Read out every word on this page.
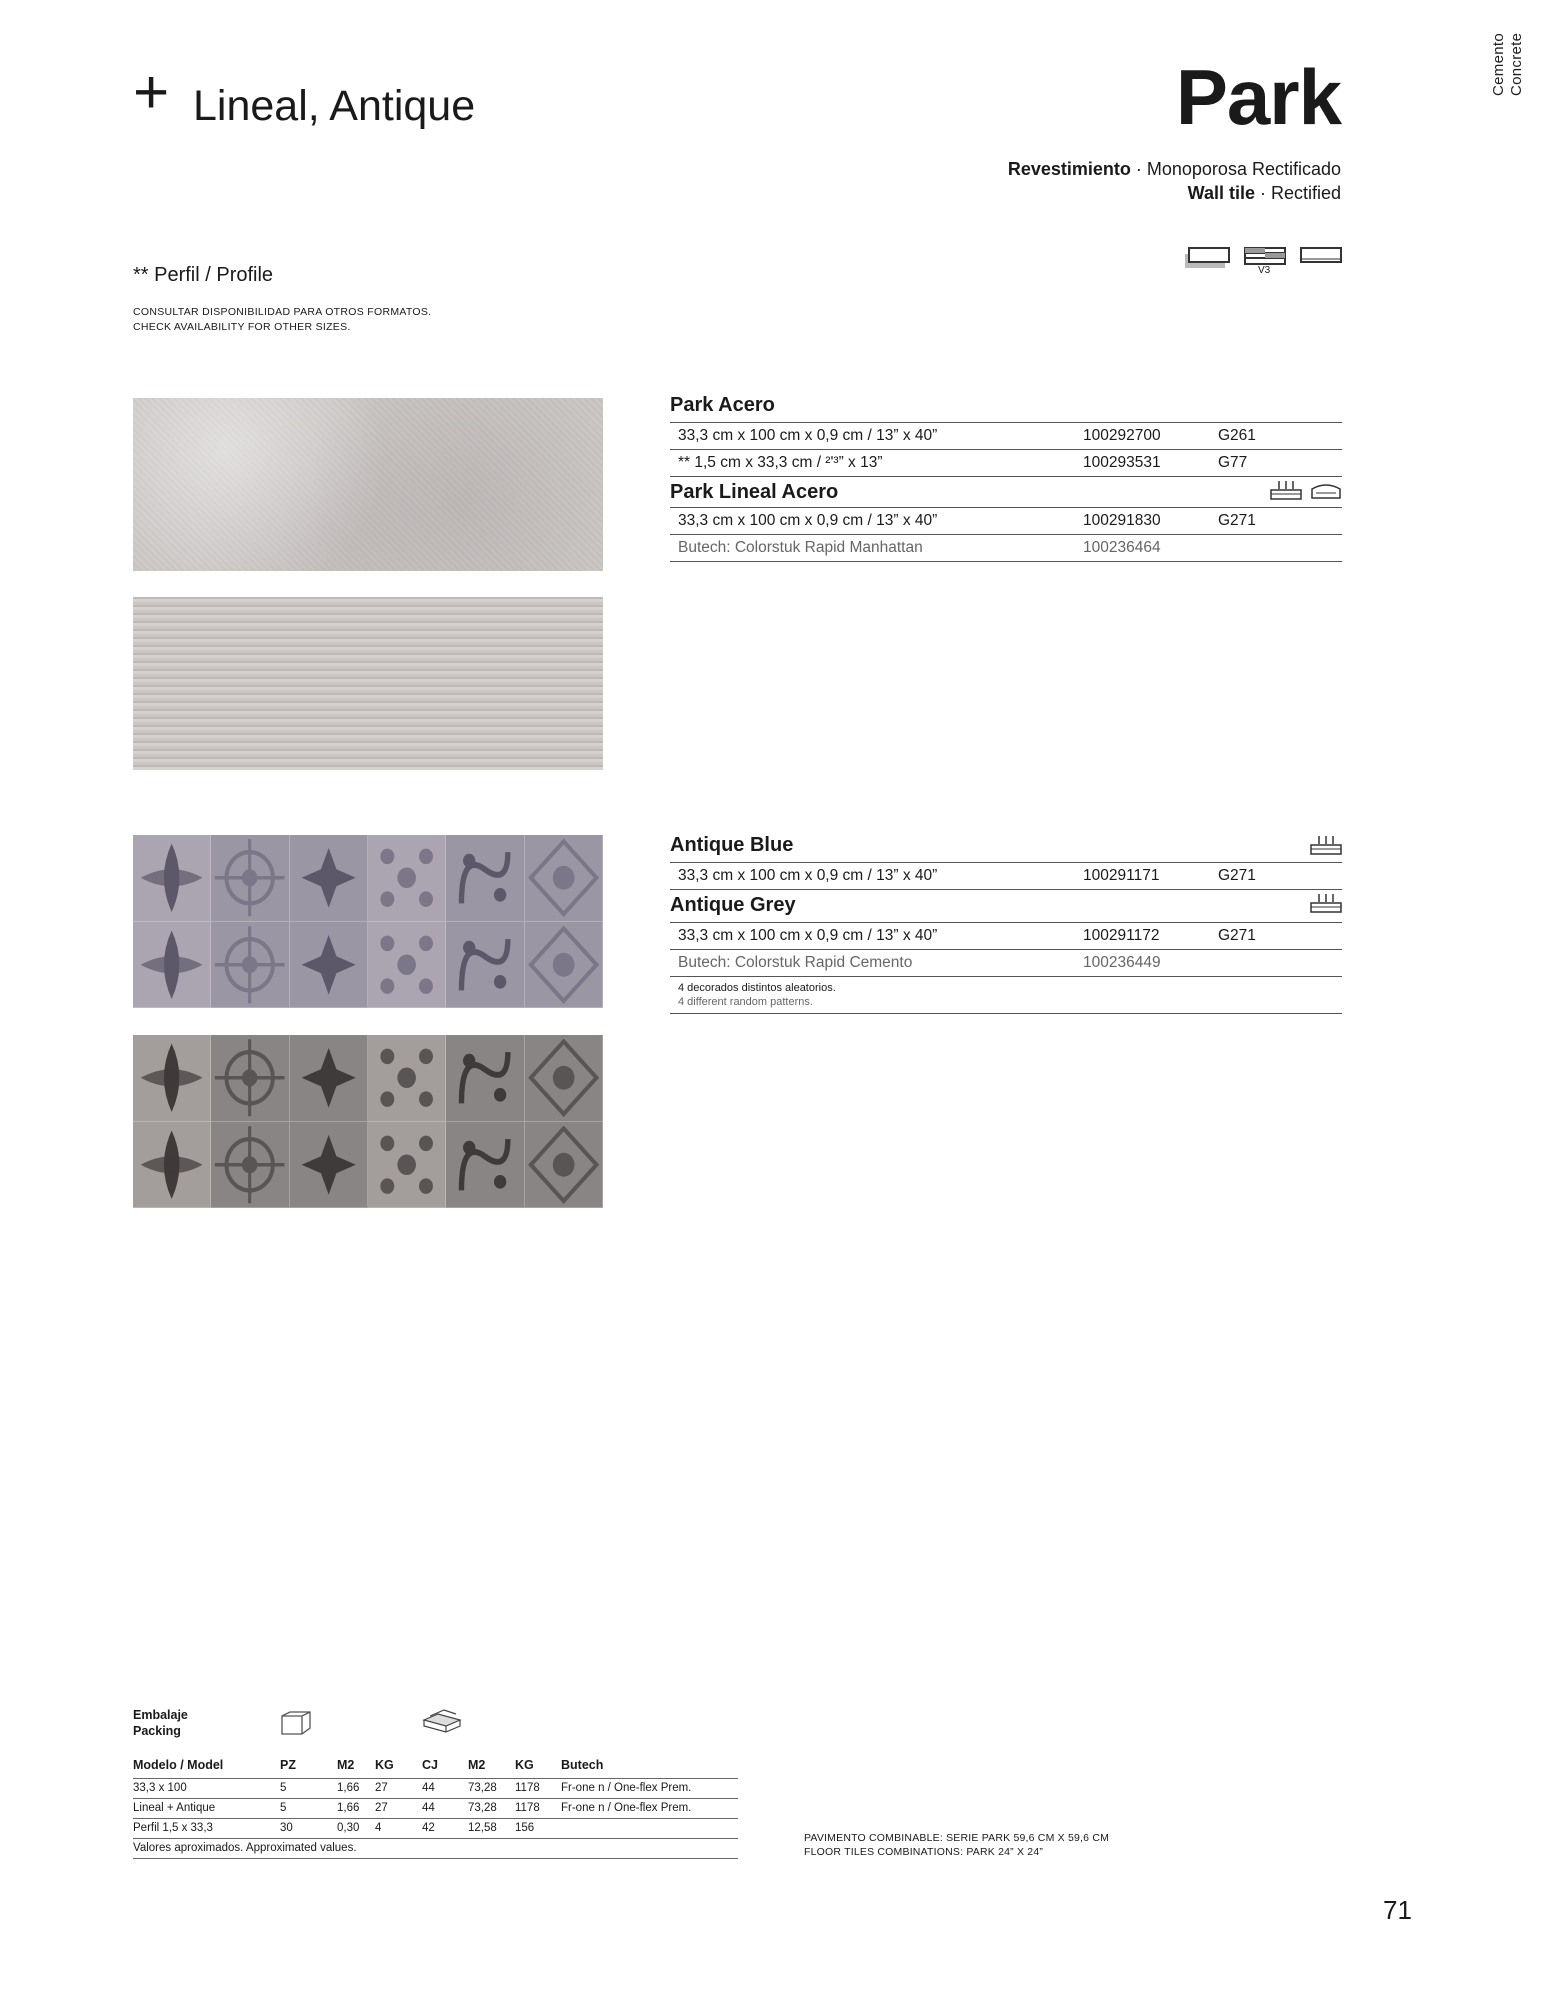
Cemento Concrete
+ Lineal, Antique	Park
Revestimiento · Monoporosa Rectificado
Wall tile · Rectified
V3
** Perfil / Profile
CONSULTAR DISPONIBILIDAD PARA OTROS FORMATOS.
CHECK AVAILABILITY FOR OTHER SIZES.
Park Acero
33,3 cm x 100 cm x 0,9 cm / 13” x 40”	100292700	G261
** 1,5 cm x 33,3 cm / ²ʹ³” x 13”	100293531	G77
Park Lineal Acero
33,3 cm x 100 cm x 0,9 cm / 13” x 40”	100291830	G271
Butech: Colorstuk Rapid Manhattan	100236464
Antique Blue
33,3 cm x 100 cm x 0,9 cm / 13” x 40”	100291171	G271
Antique Grey
33,3 cm x 100 cm x 0,9 cm / 13” x 40”	100291172	G271
Butech: Colorstuk Rapid Cemento	100236449
4 decorados distintos aleatorios.
4 different random patterns.
Embalaje
Packing
Modelo / Model	PZ	M2	KG	CJ	M2	KG	Butech
33,3 x 100	5	1,66	27	44	73,28	1178	Fr-one n / One-flex Prem.
Lineal + Antique	5	1,66	27	44	73,28	1178	Fr-one n / One-flex Prem.
Perfil 1,5 x 33,3	30	0,30	4	42	12,58	156	
Valores aproximados. Approximated values.							
PAVIMENTO COMBINABLE: SERIE PARK 59,6 CM X 59,6 CM
FLOOR TILES COMBINATIONS: PARK 24” X 24”
71
